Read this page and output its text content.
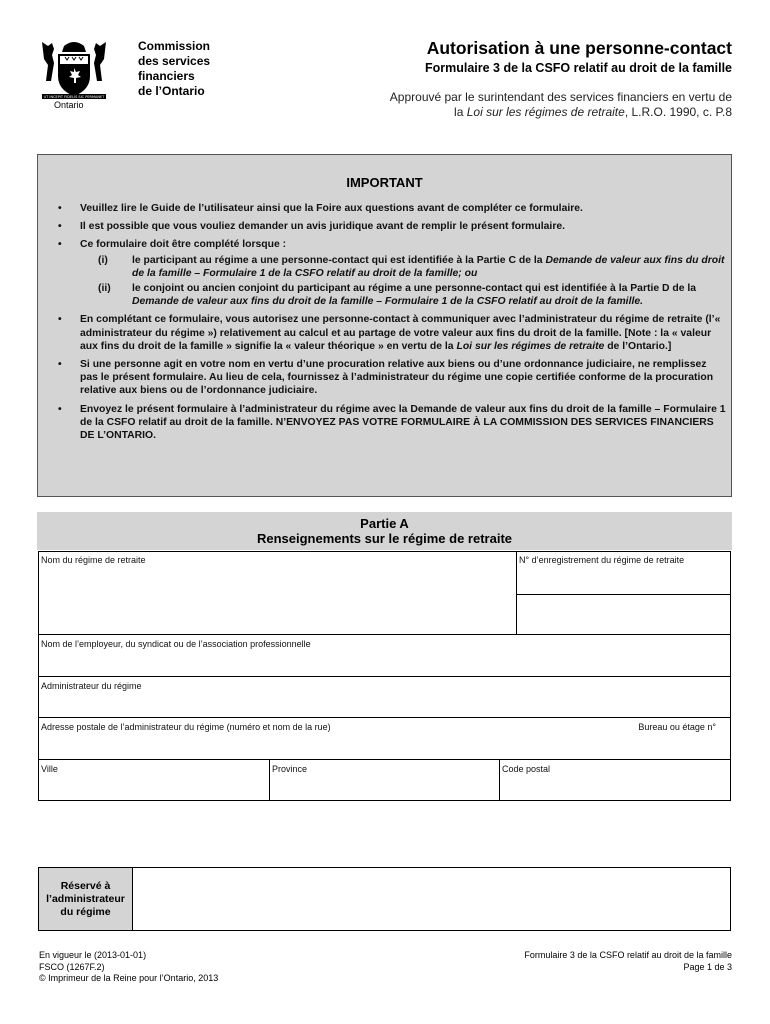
UT INCEPIT FIDELIS SIC PERMANET
Ontario
Commission
des services
financiers
de l’Ontario
Autorisation à une personne-contact
Formulaire 3 de la CSFO relatif au droit de la famille
Approuvé par le surintendant des services financiers en vertu de
la Loi sur les régimes de retraite, L.R.O. 1990, c. P.8
IMPORTANT
• Veuillez lire le Guide de l’utilisateur ainsi que la Foire aux questions avant de compléter ce formulaire.
• Il est possible que vous vouliez demander un avis juridique avant de remplir le présent formulaire.
• Ce formulaire doit être complété lorsque :
(i)	le participant au régime a une personne-contact qui est identifiée à la Partie C de la Demande de valeur aux fins du droit de la famille – Formulaire 1 de la CSFO relatif au droit de la famille; ou
(ii)	le conjoint ou ancien conjoint du participant au régime a une personne-contact qui est identifiée à la Partie D de la Demande de valeur aux fins du droit de la famille – Formulaire 1 de la CSFO relatif au droit de la famille.
• En complétant ce formulaire, vous autorisez une personne-contact à communiquer avec l’administrateur du régime de retraite (l’« administrateur du régime ») relativement au calcul et au partage de votre valeur aux fins du droit de la famille. [Note : la « valeur aux fins du droit de la famille » signifie la « valeur théorique » en vertu de la Loi sur les régimes de retraite de l’Ontario.]
• Si une personne agit en votre nom en vertu d’une procuration relative aux biens ou d’une ordonnance judiciaire, ne remplissez pas le présent formulaire. Au lieu de cela, fournissez à l’administrateur du régime une copie certifiée conforme de la procuration relative aux biens ou de l’ordonnance judiciaire.
• Envoyez le présent formulaire à l’administrateur du régime avec la Demande de valeur aux fins du droit de la famille – Formulaire 1 de la CSFO relatif au droit de la famille. N’ENVOYEZ PAS VOTRE FORMULAIRE À LA COMMISSION DES SERVICES FINANCIERS DE L’ONTARIO.
Partie A
Renseignements sur le régime de retraite
Nom du régime de retraite	N° d’enregistrement du régime de retraite
Nom de l’employeur, du syndicat ou de l’association professionnelle
Administrateur du régime
Adresse postale de l’administrateur du régime (numéro et nom de la rue)	Bureau ou étage n°
Ville	Province	Code postal
Réservé à l’administrateur du régime
En vigueur le (2013-01-01)
FSCO (1267F.2)
© Imprimeur de la Reine pour l’Ontario, 2013
Formulaire 3 de la CSFO relatif au droit de la famille
Page 1 de 3
